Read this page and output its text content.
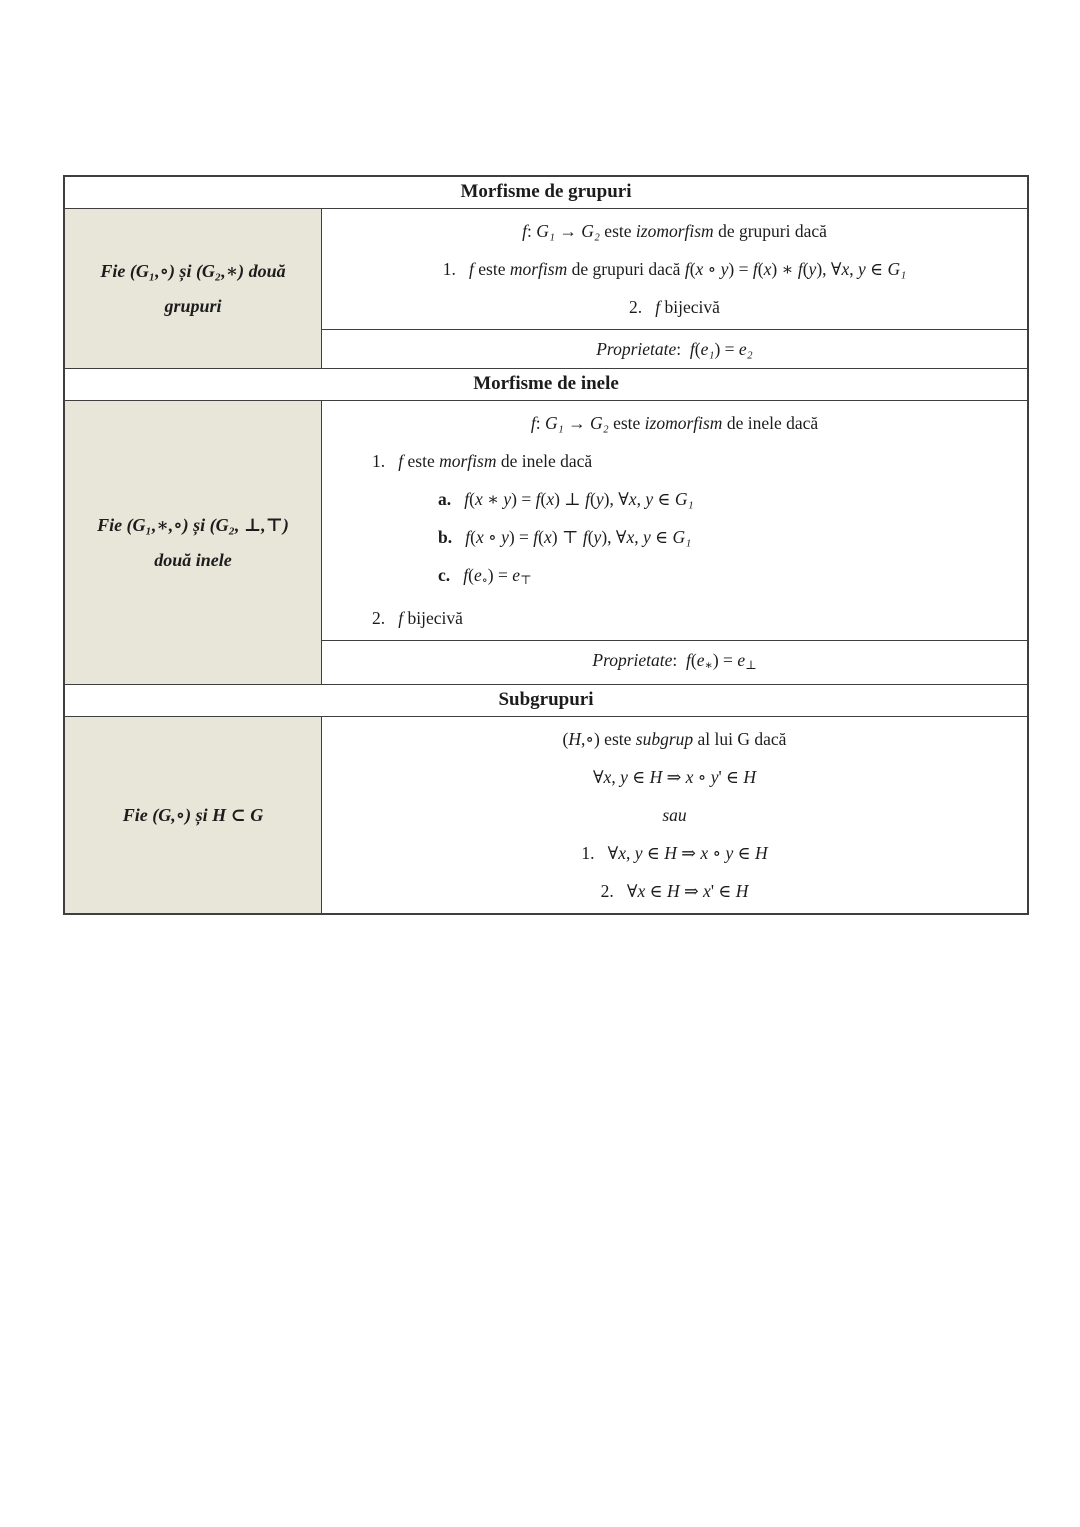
Morfisme de grupuri
Fie (G₁,∘) și (G₂,∗) două
grupuri
f: G₁ → G₂ este izomorfism de grupuri dacă
1.   f este morfism de grupuri dacă f(x ∘ y) = f(x) ∗ f(y), ∀x, y ∈ G₁
2.   f bijecivă
Proprietate:  f(e₁) = e₂
Morfisme de inele
Fie (G₁,∗,∘) și (G₂, ⊥,⊤)
două inele
f: G₁ → G₂ este izomorfism de inele dacă
1.   f este morfism de inele dacă
a.   f(x ∗ y) = f(x) ⊥ f(y), ∀x, y ∈ G₁
b.   f(x ∘ y) = f(x) ⊤ f(y), ∀x, y ∈ G₁
c.   f(e∘) = e⊤
2.   f bijecivă
Proprietate:  f(e∗) = e⊥
Subgrupuri
Fie (G,∘) și H ⊂ G
(H,∘) este subgrup al lui G dacă
∀x, y ∈ H ⇒ x ∘ y' ∈ H
sau
1.   ∀x, y ∈ H ⇒ x ∘ y ∈ H
2.   ∀x ∈ H ⇒ x' ∈ H
